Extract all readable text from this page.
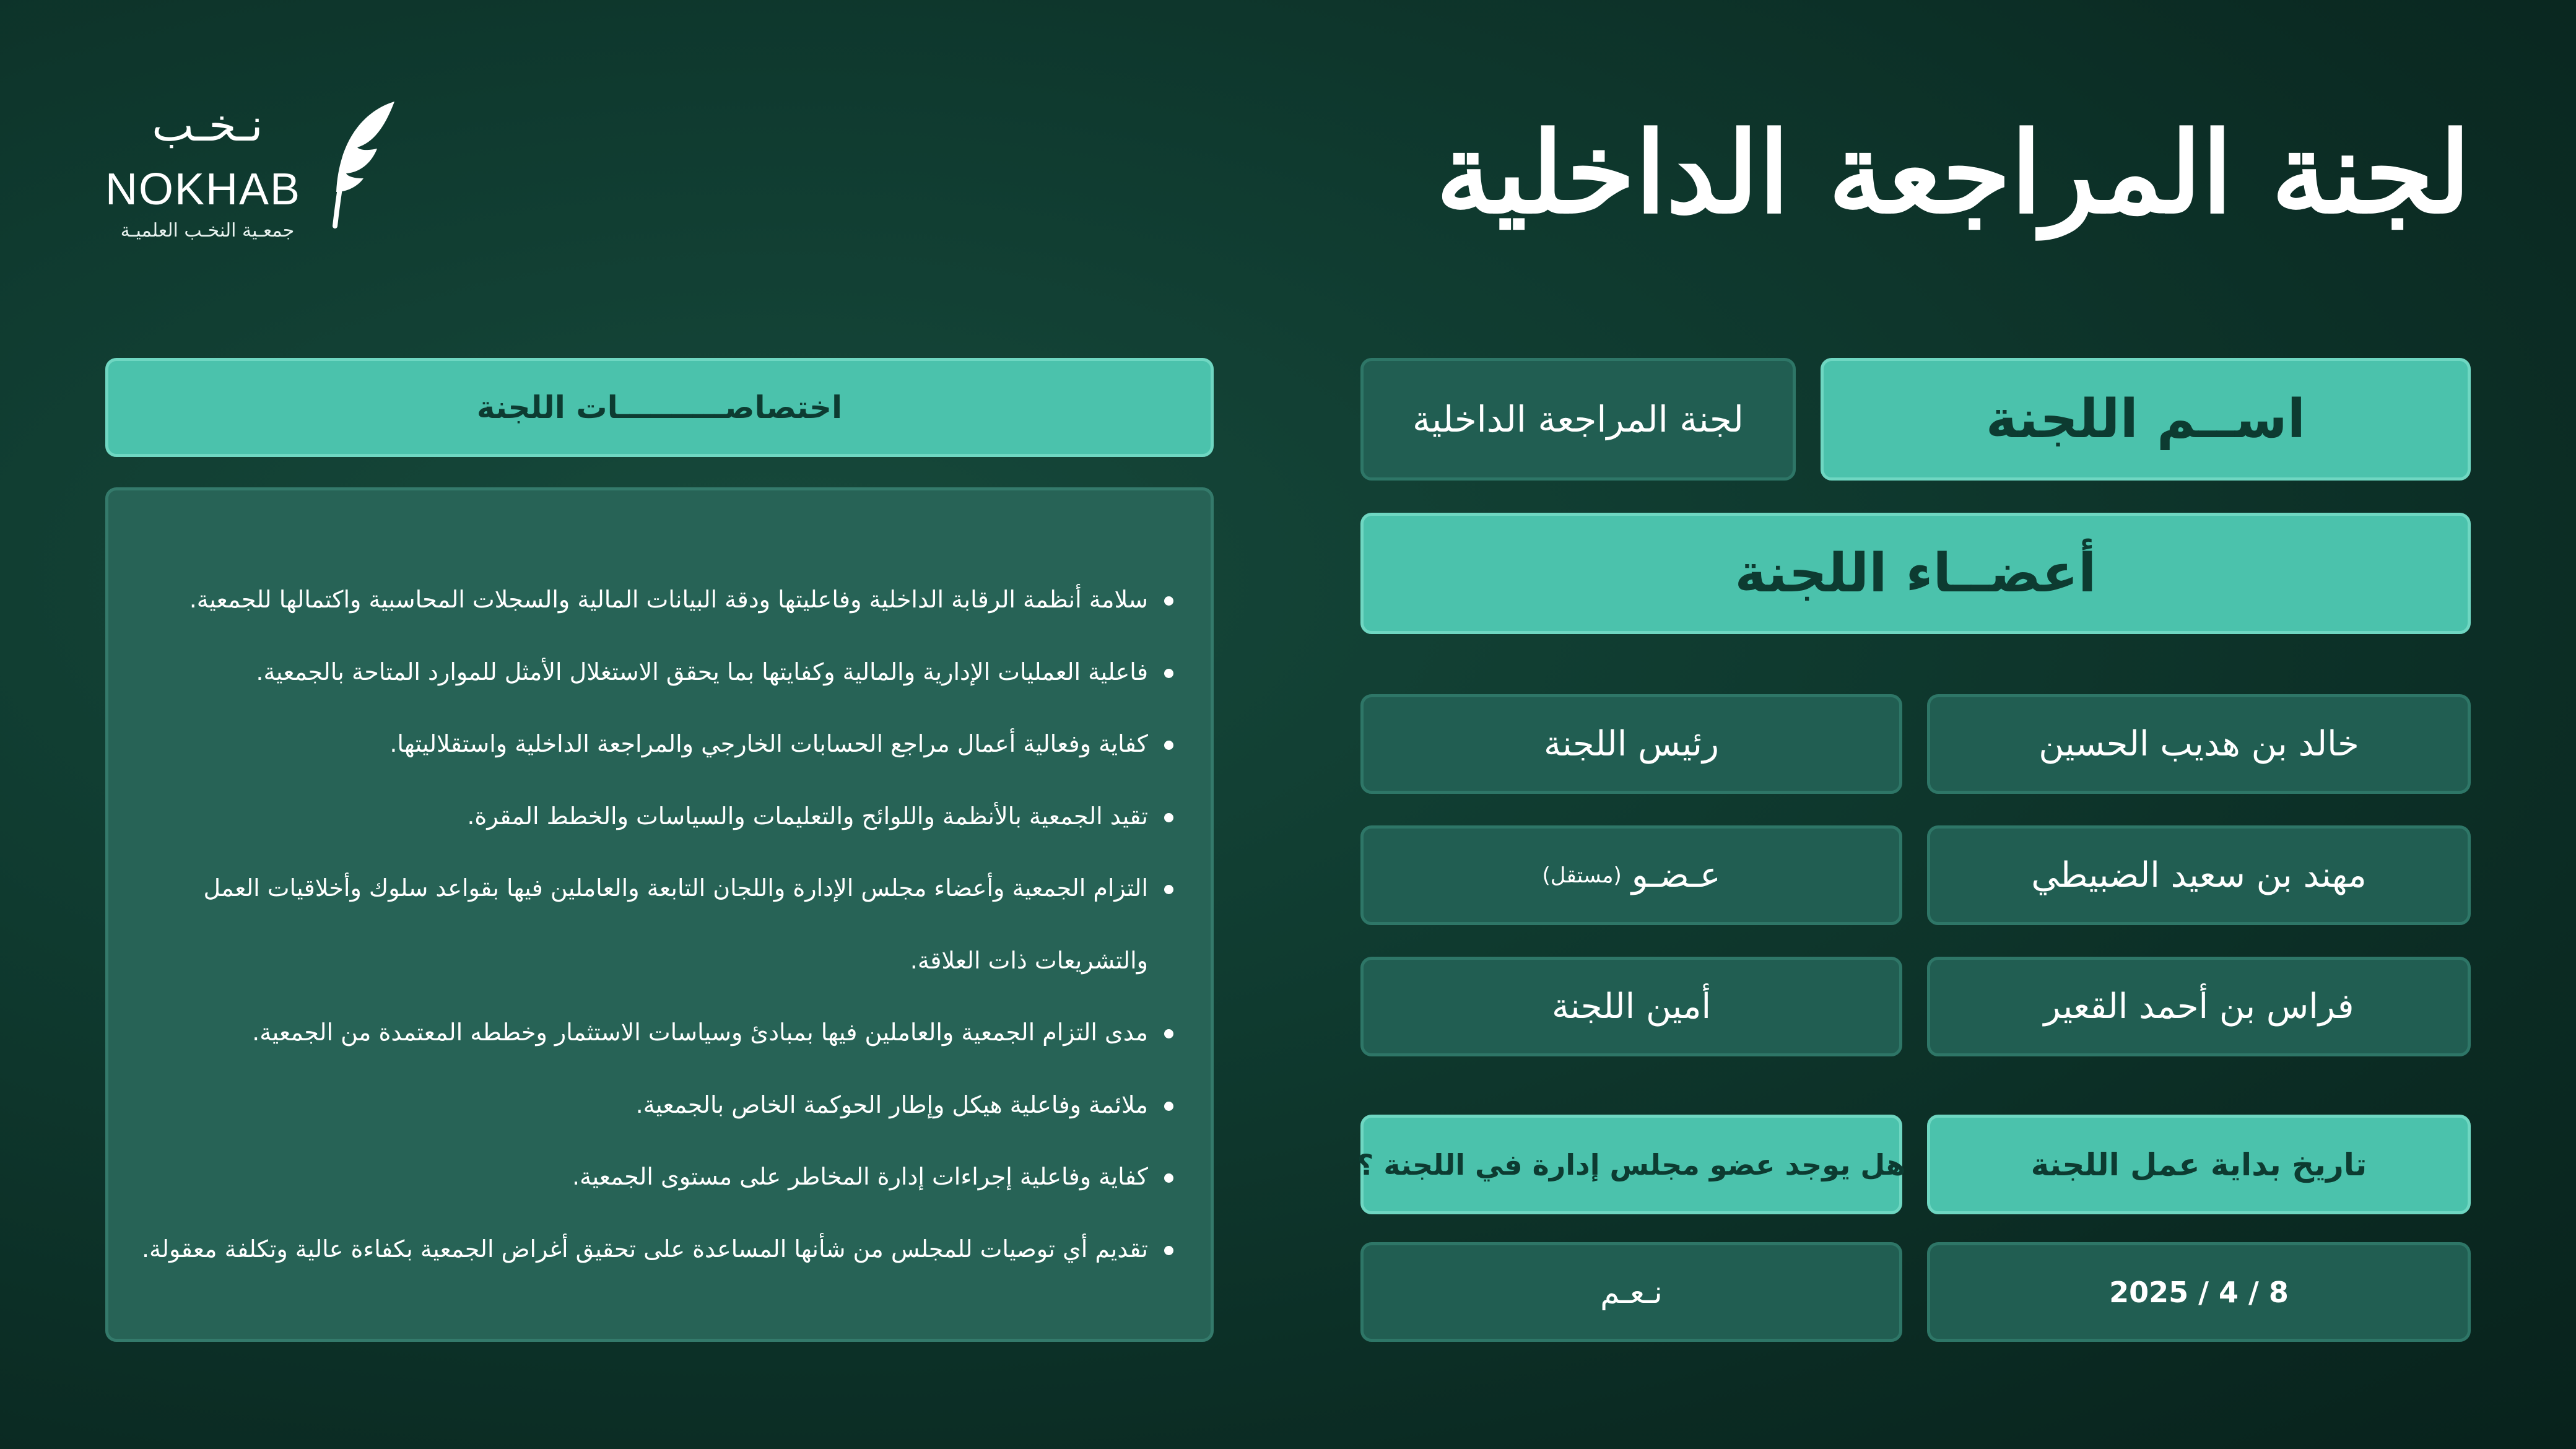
نـخـب
NOKHAB
جمعـية النخـب العلميـة	لجنة المراجعة الداخلية
اســم اللجنة
لجنة المراجعة الداخلية
أعضــاء اللجنة
خالد بن هديب الحسين
رئيس اللجنة
مهند بن سعيد الضبيطي
عـضـو
(مستقل)
فراس بن أحمد القعير
أمين اللجنة
تاريخ بداية عمل اللجنة
هل يوجد عضو مجلس إدارة في اللجنة ؟
2025 / 4 / 8
نـعـم
اختصاصــــــــــات اللجنة
سلامة أنظمة الرقابة الداخلية وفاعليتها ودقة البيانات المالية والسجلات المحاسبية واكتمالها للجمعية.
فاعلية العمليات الإدارية والمالية وكفايتها بما يحقق الاستغلال الأمثل للموارد المتاحة بالجمعية.
كفاية وفعالية أعمال مراجع الحسابات الخارجي والمراجعة الداخلية واستقلاليتها.
تقيد الجمعية بالأنظمة واللوائح والتعليمات والسياسات والخطط المقرة.
التزام الجمعية وأعضاء مجلس الإدارة واللجان التابعة والعاملين فيها بقواعد سلوك وأخلاقيات العمل
والتشريعات ذات العلاقة.
مدى التزام الجمعية والعاملين فيها بمبادئ وسياسات الاستثمار وخططه المعتمدة من الجمعية.
ملائمة وفاعلية هيكل وإطار الحوكمة الخاص بالجمعية.
كفاية وفاعلية إجراءات إدارة المخاطر على مستوى الجمعية.
تقديم أي توصيات للمجلس من شأنها المساعدة على تحقيق أغراض الجمعية بكفاءة عالية وتكلفة معقولة.
